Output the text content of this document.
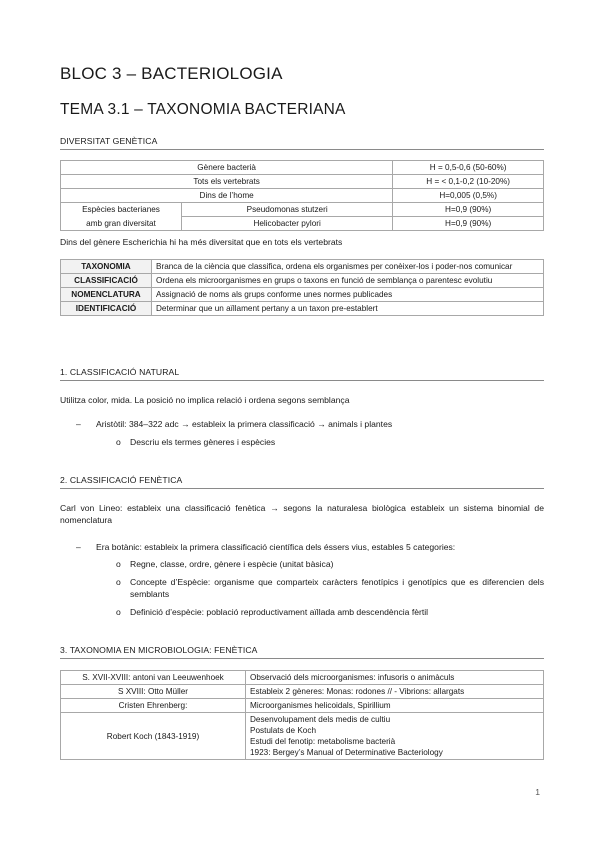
BLOC 3 – BACTERIOLOGIA
TEMA 3.1 – TAXONOMIA BACTERIANA
DIVERSITAT GENÈTICA
Gènere bacterià		H = 0,5-0,6 (50-60%)
Tots els vertebrats		H = < 0,1-0,2 (10-20%)
Dins de l’home		H=0,005 (0,5%)
Espècies bacterianes	Pseudomonas stutzeri	H=0,9 (90%)
amb gran diversitat	Helicobacter pylori	H=0,9 (90%)
Dins del gènere Escherichia hi ha més diversitat que en tots els vertebrats
TAXONOMIA	Branca de la ciència que classifica, ordena els organismes per conèixer-los i poder-nos comunicar
CLASSIFICACIÓ	Ordena els microorganismes en grups o taxons en funció de semblança o parentesc evolutiu
NOMENCLATURA	Assignació de noms als grups conforme unes normes publicades
IDENTIFICACIÓ	Determinar que un aïllament pertany a un taxon pre-establert
1. CLASSIFICACIÓ NATURAL
Utilitza color, mida. La posició no implica relació i ordena segons semblança
– Aristòtil: 384–322 adc → estableix la primera classificació → animals i plantes
o Descriu els termes gèneres i espècies
2. CLASSIFICACIÓ FENÈTICA
Carl von Lineo: estableix una classificació fenètica → segons la naturalesa biològica estableix un sistema binomial de nomenclatura
– Era botànic: estableix la primera classificació científica dels éssers vius, estables 5 categories:
o Regne, classe, ordre, gènere i espècie (unitat bàsica)
o Concepte d’Espècie: organisme que comparteix caràcters fenotípics i genotípics que es diferencien dels semblants
o Definició d’espècie: població reproductivament aïllada amb descendència fèrtil
3. TAXONOMIA EN MICROBIOLOGIA: FENÈTICA
S. XVII-XVIII: antoni van Leeuwenhoek	Observació dels microorganismes: infusoris o animàculs
S XVIII: Otto Müller	Estableix 2 gèneres: Monas: rodones // - Vibrions: allargats
Cristen Ehrenberg:	Microorganismes helicoidals, Spirillium
Robert Koch (1843-1919)	Desenvolupament dels medis de cultiu
Postulats de Koch
Estudi del fenotip: metabolisme bacterià
1923: Bergey’s Manual of Determinative Bacteriology
1
